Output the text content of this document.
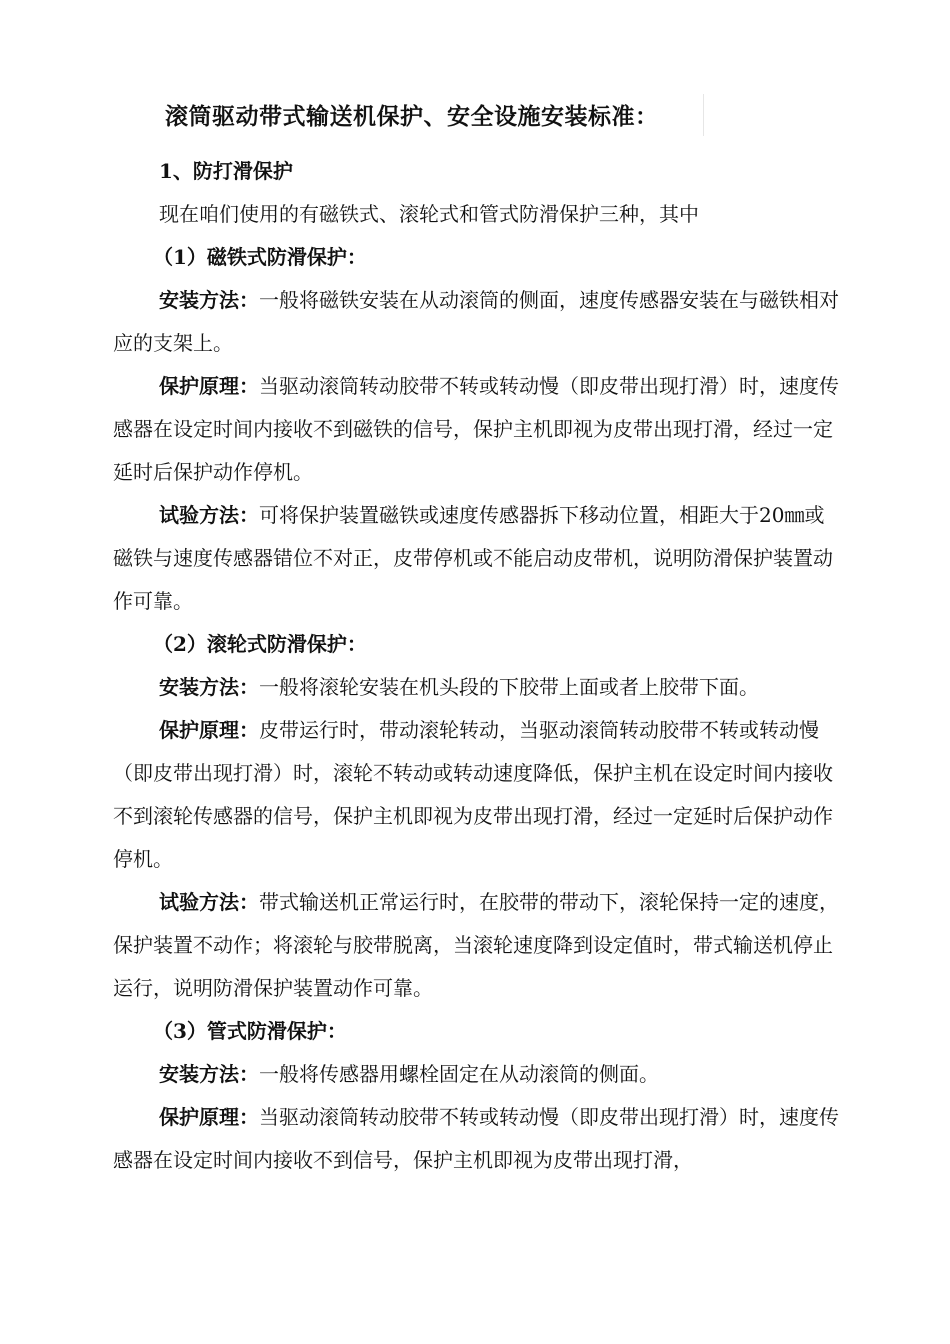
滚筒驱动带式输送机保护、安全设施安装标准：

1、防打滑保护

现在咱们使用的有磁铁式、滚轮式和管式防滑保护三种，其中

（1）磁铁式防滑保护：

安装方法：一般将磁铁安装在从动滚筒的侧面，速度传感器安装在与磁铁相对应的支架上。

保护原理：当驱动滚筒转动胶带不转或转动慢（即皮带出现打滑）时，速度传感器在设定时间内接收不到磁铁的信号，保护主机即视为皮带出现打滑，经过一定延时后保护动作停机。

试验方法：可将保护装置磁铁或速度传感器拆下移动位置，相距大于20㎜或磁铁与速度传感器错位不对正，皮带停机或不能启动皮带机，说明防滑保护装置动作可靠。

（2）滚轮式防滑保护：

安装方法：一般将滚轮安装在机头段的下胶带上面或者上胶带下面。

保护原理：皮带运行时，带动滚轮转动，当驱动滚筒转动胶带不转或转动慢（即皮带出现打滑）时，滚轮不转动或转动速度降低，保护主机在设定时间内接收不到滚轮传感器的信号，保护主机即视为皮带出现打滑，经过一定延时后保护动作停机。

试验方法：带式输送机正常运行时，在胶带的带动下，滚轮保持一定的速度，保护装置不动作；将滚轮与胶带脱离，当滚轮速度降到设定值时，带式输送机停止运行，说明防滑保护装置动作可靠。

（3）管式防滑保护：

安装方法：一般将传感器用螺栓固定在从动滚筒的侧面。

保护原理：当驱动滚筒转动胶带不转或转动慢（即皮带出现打滑）时，速度传感器在设定时间内接收不到信号，保护主机即视为皮带出现打滑，
